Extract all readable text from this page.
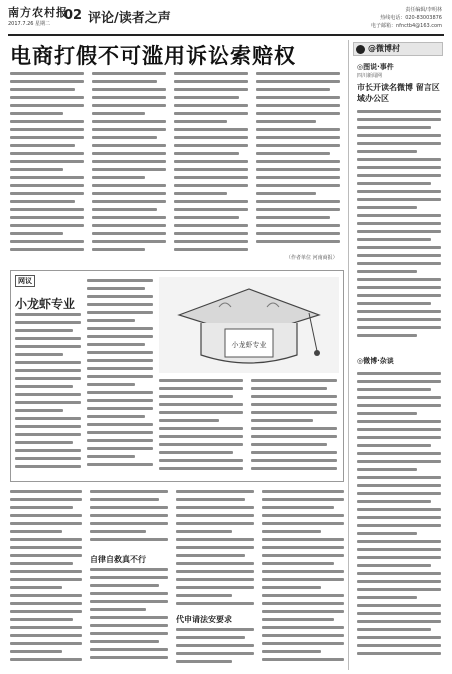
南方农村报
2017.7.26 星期二
02 评论/读者之声
责任编辑/李明林
热线电话：020-83003876
电子邮箱：nfnctb4@163.com
电商打假不可滥用诉讼索赔权
（作者单位 河南商报）
@微博村
◎图说·事件
四川新闻网
市长开读名微博 留言区域办公区
◎微博·杂谈
网议
小龙虾专业
小龙虾专业
自律自救真不行
代申请法安要求
